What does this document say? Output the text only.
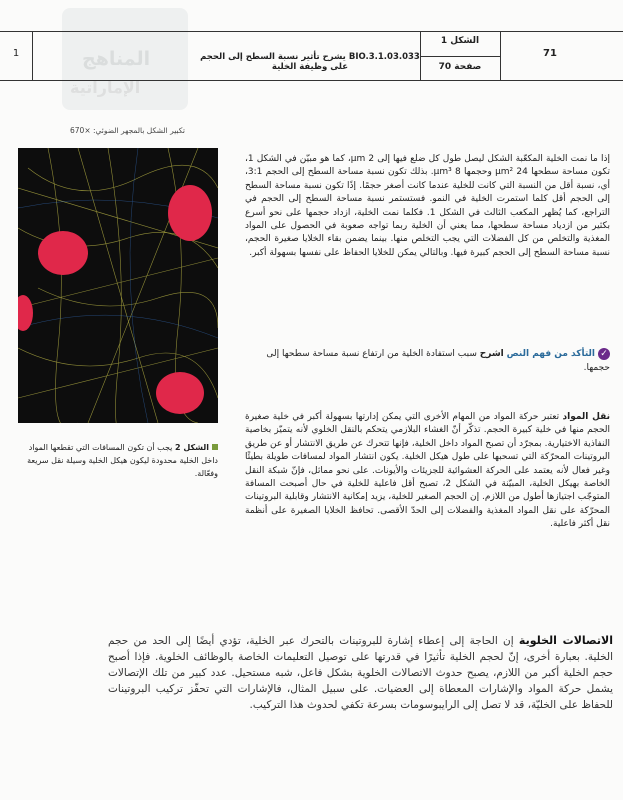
المناهج
الإماراتية
1	BIO.3.1.03.033 يشرح تأثير نسبة السطح إلى الحجم على وظيفة الخلية
الشكل 1
صفحة 70
71
تكبير الشكل بالمجهر الضوئي: ×670
الشكل 2 يجب أن تكون المسافات التي تقطعها المواد داخل الخلية محدودة ليكون هيكل الخلية وسيلة نقل سريعة وفعّالة.
إذا ما نمت الخلية المكعّبة الشكل ليصل طول كل ضلع فيها إلى 2 μm، كما هو مبيّن في الشكل 1، تكون مساحة سطحها 24 μm² وحجمها 8 μm³. بذلك تكون نسبة مساحة السطح إلى الحجم 3:1، أي، نسبة أقل من النسبة التي كانت للخلية عندما كانت أصغر حجمًا. إذًا تكون نسبة مساحة السطح إلى الحجم أقل كلما استمرت الخلية في النمو. فستستمر نسبة مساحة السطح إلى الحجم في التراجع، كما يُظهر المكعب الثالث في الشكل 1. فكلما نمت الخلية، ازداد حجمها على نحو أسرع بكثير من ازدياد مساحة سطحها، مما يعني أن الخلية ربما تواجه صعوبة في الحصول على المواد المغذية والتخلص من كل الفضلات التي يجب التخلص منها. بينما يضمن بقاء الخلايا صغيرة الحجم، نسبة مساحة السطح إلى الحجم كبيرة فيها. وبالتالي يمكن للخلايا الحفاظ على نفسها بسهولة أكبر.
✓التأكد من فهم النص اشرح سبب استفادة الخلية من ارتفاع نسبة مساحة سطحها إلى حجمها.
نقل المواد تعتبر حركة المواد من المهام الأخرى التي يمكن إدارتها بسهولة أكبر في خلية صغيرة الحجم منها في خلية كبيرة الحجم. تذكّر أنّ الغشاء البلازمي يتحكم بالنقل الخلوي لأنه يتميّز بخاصية النفاذية الاختيارية. بمجرّد أن تصبح المواد داخل الخلية، فإنها تتحرك عن طريق الانتشار أو عن طريق البروتينات المحرّكة التي تسحبها على طول هيكل الخلية. يكون انتشار المواد لمسافات طويلة بطيئًا وغير فعال لأنه يعتمد على الحركة العشوائية للجزيئات والأيونات. على نحو مماثل، فإنّ شبكة النقل الخاصة بهيكل الخلية، المبيّنة في الشكل 2، تصبح أقل فاعلية للخلية في حال أصبحت المسافة المتوجّب اجتيازها أطول من اللازم. إن الحجم الصغير للخلية، يزيد إمكانية الانتشار وقابلية البروتينات المحرّكة على نقل المواد المغذية والفضلات إلى الحدّ الأقصى. تحافظ الخلايا الصغيرة على أنظمة نقل أكثر فاعلية.
الاتصالات الخلوية إن الحاجة إلى إعطاء إشارة للبروتينات بالتحرك عبر الخلية، تؤدي أيضًا إلى الحد من حجم الخلية. بعبارة أخرى، إنّ لحجم الخلية تأثيرًا في قدرتها على توصيل التعليمات الخاصة بالوظائف الخلوية. فإذا أصبح حجم الخلية أكبر من اللازم، يصبح حدوث الاتصالات الخلوية بشكل فاعل، شبه مستحيل. عدد كبير من تلك الإتصالات يشمل حركة المواد والإشارات المعطاة إلى العضيات. على سبيل المثال، فالإشارات التي تحفّز تركيب البروتينات للحفاظ على الخليّة، قد لا تصل إلى الرايبوسومات بسرعة تكفي لحدوث هذا التركيب.
